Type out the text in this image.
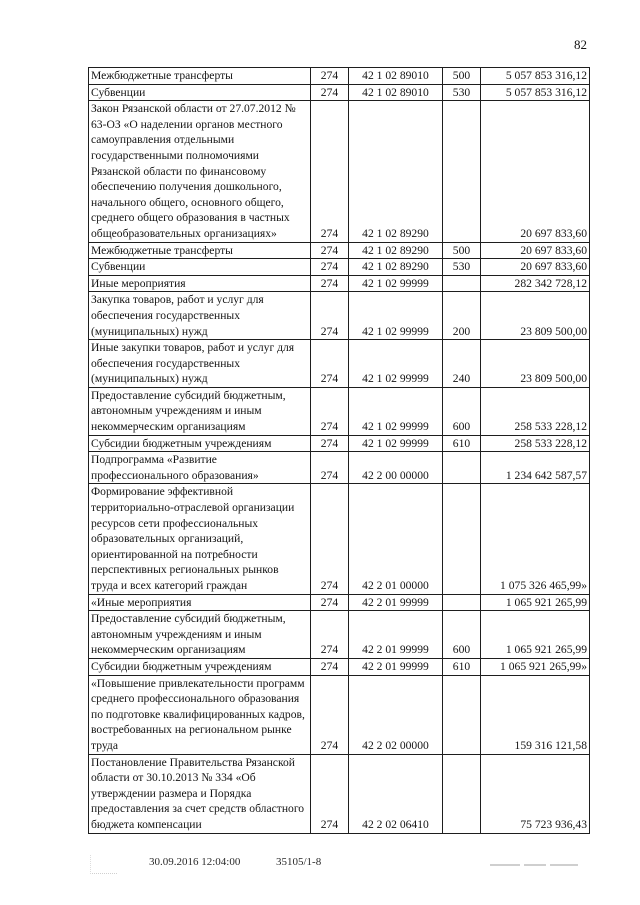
82
Межбюджетные трансферты	274	42 1 02 89010	500	5 057 853 316,12
Субвенции	274	42 1 02 89010	530	5 057 853 316,12
Закон Рязанской области от 27.07.2012 № 63-ОЗ «О наделении органов местного самоуправления отдельными государственными полномочиями Рязанской области по финансовому обеспечению получения дошкольного, начального общего, основного общего, среднего общего образования в частных общеобразовательных организациях»	274	42 1 02 89290		20 697 833,60
Межбюджетные трансферты	274	42 1 02 89290	500	20 697 833,60
Субвенции	274	42 1 02 89290	530	20 697 833,60
Иные мероприятия	274	42 1 02 99999		282 342 728,12
Закупка товаров, работ и услуг для обеспечения государственных (муниципальных) нужд	274	42 1 02 99999	200	23 809 500,00
Иные закупки товаров, работ и услуг для обеспечения государственных (муниципальных) нужд	274	42 1 02 99999	240	23 809 500,00
Предоставление субсидий бюджетным, автономным учреждениям и иным некоммерческим организациям	274	42 1 02 99999	600	258 533 228,12
Субсидии бюджетным учреждениям	274	42 1 02 99999	610	258 533 228,12
Подпрограмма «Развитие профессионального образования»	274	42 2 00 00000		1 234 642 587,57
Формирование эффективной территориально-отраслевой организации ресурсов сети профессиональных образовательных организаций, ориентированной на потребности перспективных региональных рынков труда и всех категорий граждан	274	42 2 01 00000		1 075 326 465,99»
«Иные мероприятия	274	42 2 01 99999		1 065 921 265,99
Предоставление субсидий бюджетным, автономным учреждениям и иным некоммерческим организациям	274	42 2 01 99999	600	1 065 921 265,99
Субсидии бюджетным учреждениям	274	42 2 01 99999	610	1 065 921 265,99»
«Повышение привлекательности программ среднего профессионального образования по подготовке квалифицированных кадров, востребованных на региональном рынке труда	274	42 2 02 00000		159 316 121,58
Постановление Правительства Рязанской области от 30.10.2013 № 334 «Об утверждении размера и Порядка предоставления за счет средств областного бюджета компенсации	274	42 2 02 06410		75 723 936,43
30.09.2016 12:04:00	35105/1-8
